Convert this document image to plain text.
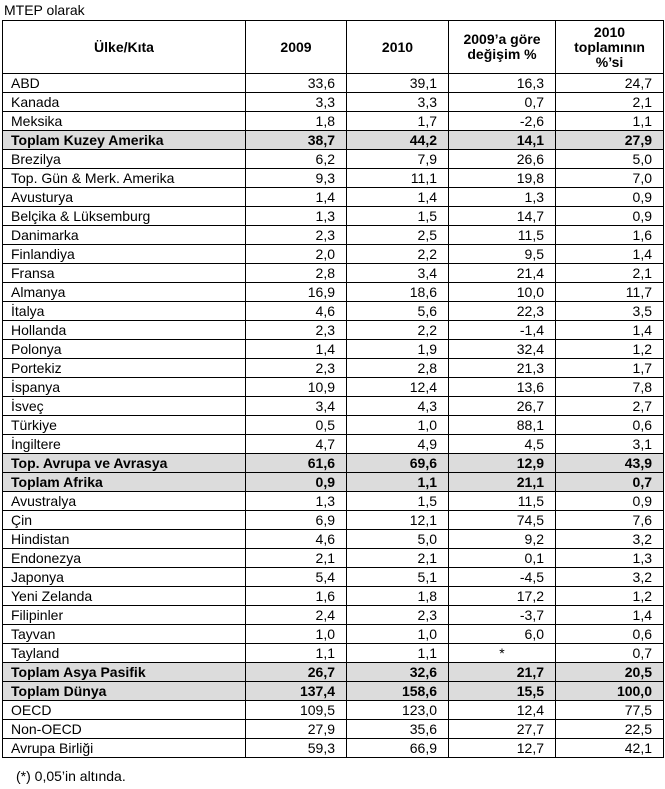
MTEP olarak
Ülke/Kıta	2009	2010	2009’a göre değişim %	2010 toplamının %’si
ABD	33,6	39,1	16,3	24,7
Kanada	3,3	3,3	0,7	2,1
Meksika	1,8	1,7	-2,6	1,1
Toplam Kuzey Amerika	38,7	44,2	14,1	27,9
Brezilya	6,2	7,9	26,6	5,0
Top. Gün & Merk. Amerika	9,3	11,1	19,8	7,0
Avusturya	1,4	1,4	1,3	0,9
Belçika & Lüksemburg	1,3	1,5	14,7	0,9
Danimarka	2,3	2,5	11,5	1,6
Finlandiya	2,0	2,2	9,5	1,4
Fransa	2,8	3,4	21,4	2,1
Almanya	16,9	18,6	10,0	11,7
İtalya	4,6	5,6	22,3	3,5
Hollanda	2,3	2,2	-1,4	1,4
Polonya	1,4	1,9	32,4	1,2
Portekiz	2,3	2,8	21,3	1,7
İspanya	10,9	12,4	13,6	7,8
İsveç	3,4	4,3	26,7	2,7
Türkiye	0,5	1,0	88,1	0,6
İngiltere	4,7	4,9	4,5	3,1
Top. Avrupa ve Avrasya	61,6	69,6	12,9	43,9
Toplam Afrika	0,9	1,1	21,1	0,7
Avustralya	1,3	1,5	11,5	0,9
Çin	6,9	12,1	74,5	7,6
Hindistan	4,6	5,0	9,2	3,2
Endonezya	2,1	2,1	0,1	1,3
Japonya	5,4	5,1	-4,5	3,2
Yeni Zelanda	1,6	1,8	17,2	1,2
Filipinler	2,4	2,3	-3,7	1,4
Tayvan	1,0	1,0	6,0	0,6
Tayland	1,1	1,1	*	0,7
Toplam Asya Pasifik	26,7	32,6	21,7	20,5
Toplam Dünya	137,4	158,6	15,5	100,0
OECD	109,5	123,0	12,4	77,5
Non-OECD	27,9	35,6	27,7	22,5
Avrupa Birliği	59,3	66,9	12,7	42,1
(*) 0,05’in altında.
